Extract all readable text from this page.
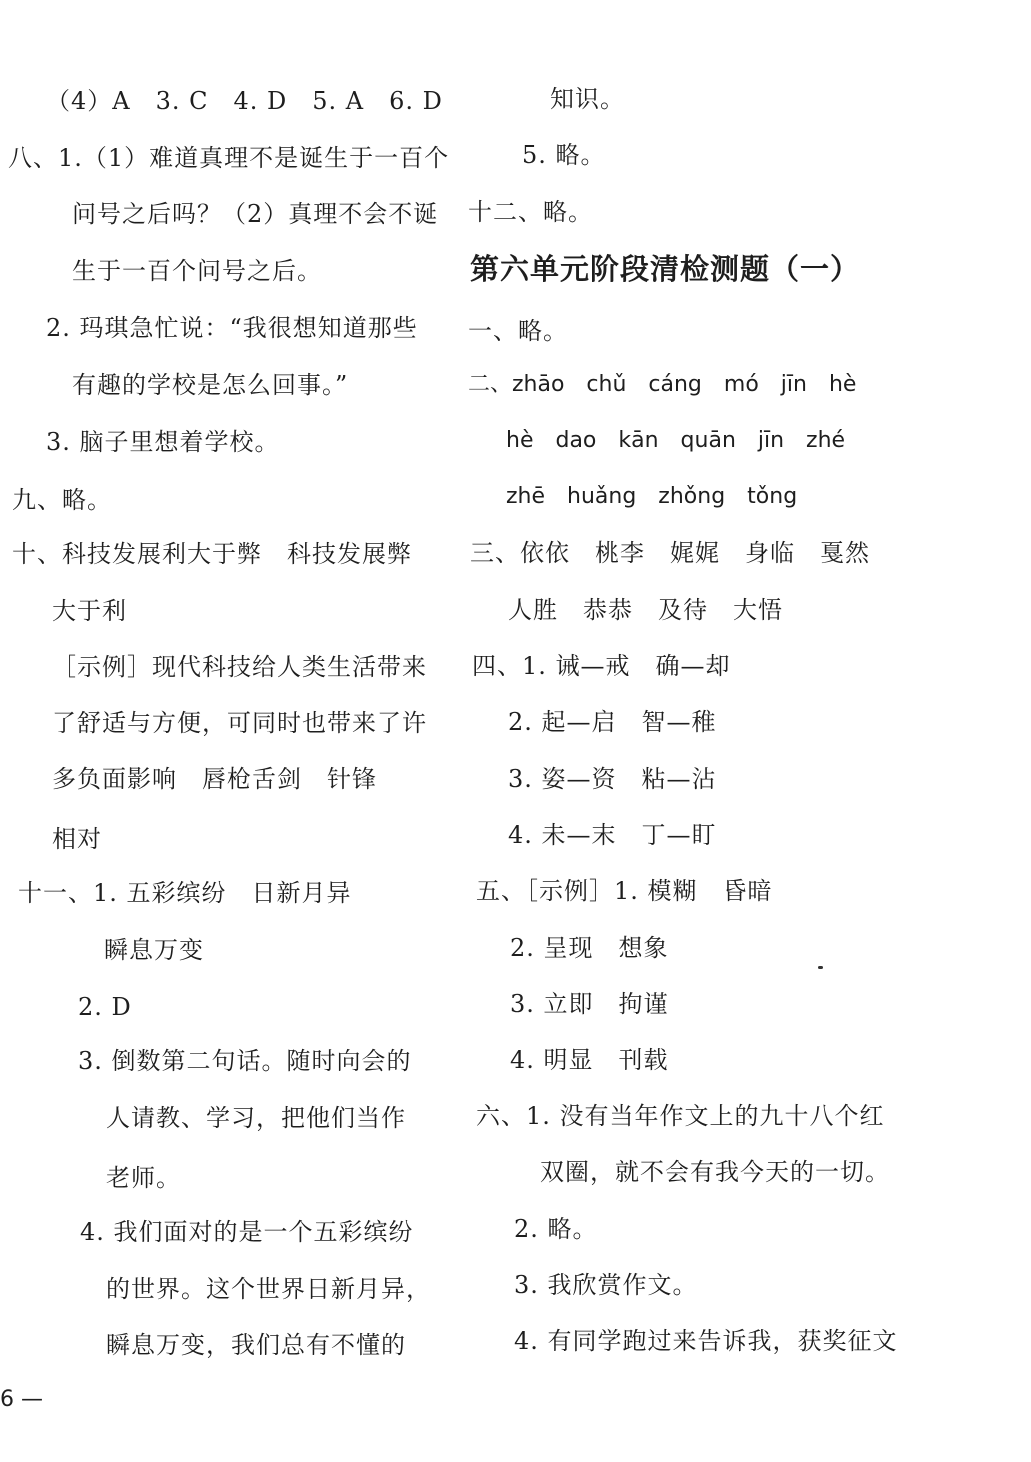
（4）A　3. C　4. D　5. A　6. D
八、1.（1）难道真理不是诞生于一百个
问号之后吗？（2）真理不会不诞
生于一百个问号之后。
2. 玛琪急忙说：“我很想知道那些
有趣的学校是怎么回事。”
3. 脑子里想着学校。
九、略。
十、科技发展利大于弊　科技发展弊
大于利
［示例］现代科技给人类生活带来
了舒适与方便，可同时也带来了许
多负面影响　唇枪舌剑　针锋
相对
十一、1. 五彩缤纷　日新月异
瞬息万变
2. D
3. 倒数第二句话。随时向会的
人请教、学习，把他们当作
老师。
4. 我们面对的是一个五彩缤纷
的世界。这个世界日新月异，
瞬息万变，我们总有不懂的
知识。
5. 略。
十二、略。
第六单元阶段清检测题（一）
一、略。
二、zhāo　chǔ　cáng　mó　jīn　hè
hè　dao　kān　quān　jīn　zhé
zhē　huǎng　zhǒng　tǒng
三、依依　桃李　娓娓　身临　戛然
人胜　恭恭　及待　大悟
四、1. 诫—戒　确—却
2. 起—启　智—稚
3. 姿—资　粘—沾
4. 未—末　丁—盯
五、［示例］1. 模糊　昏暗
2. 呈现　想象
3. 立即　拘谨
4. 明显　刊载
六、1. 没有当年作文上的九十八个红
双圈，就不会有我今天的一切。
2. 略。
3. 我欣赏作文。
4. 有同学跑过来告诉我，获奖征文
6 —
